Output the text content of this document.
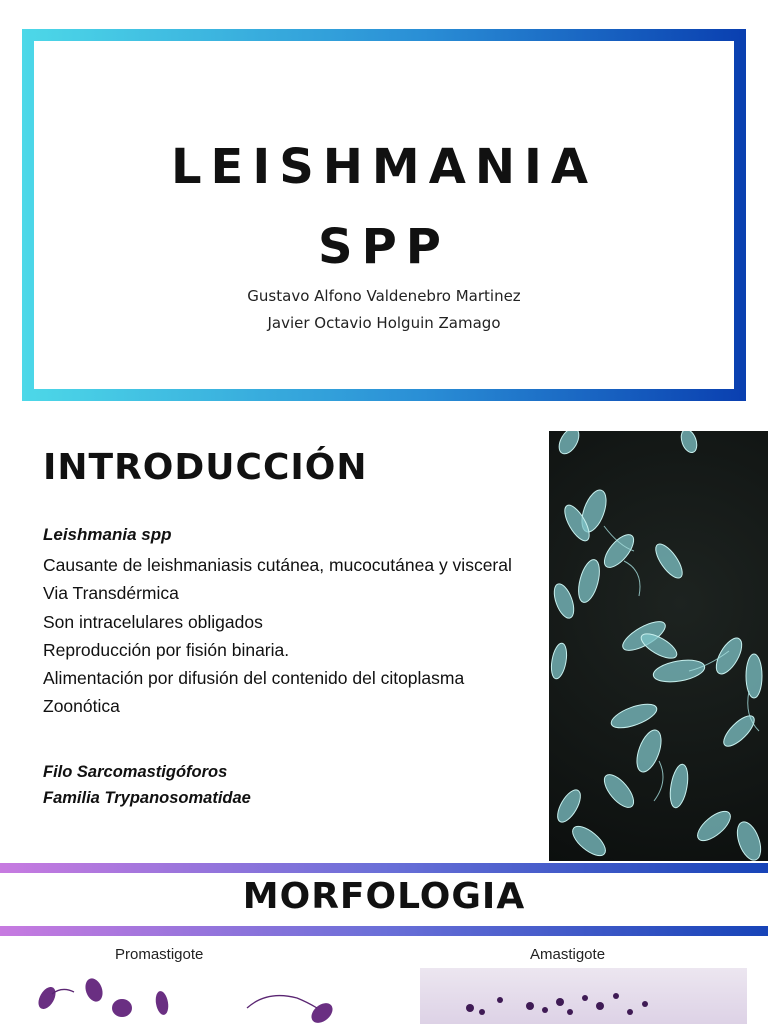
LEISHMANIA
SPP
Gustavo Alfono Valdenebro Martinez
Javier Octavio Holguin Zamago
INTRODUCCIÓN
Leishmania spp
Causante de leishmaniasis cutánea, mucocutánea y visceral
Via Transdérmica
Son intracelulares obligados
Reproducción por fisión binaria.
Alimentación por difusión del contenido del citoplasma
Zoonótica
Filo Sarcomastigóforos
Familia Trypanosomatidae
MORFOLOGIA
Promastigote	Amastigote
